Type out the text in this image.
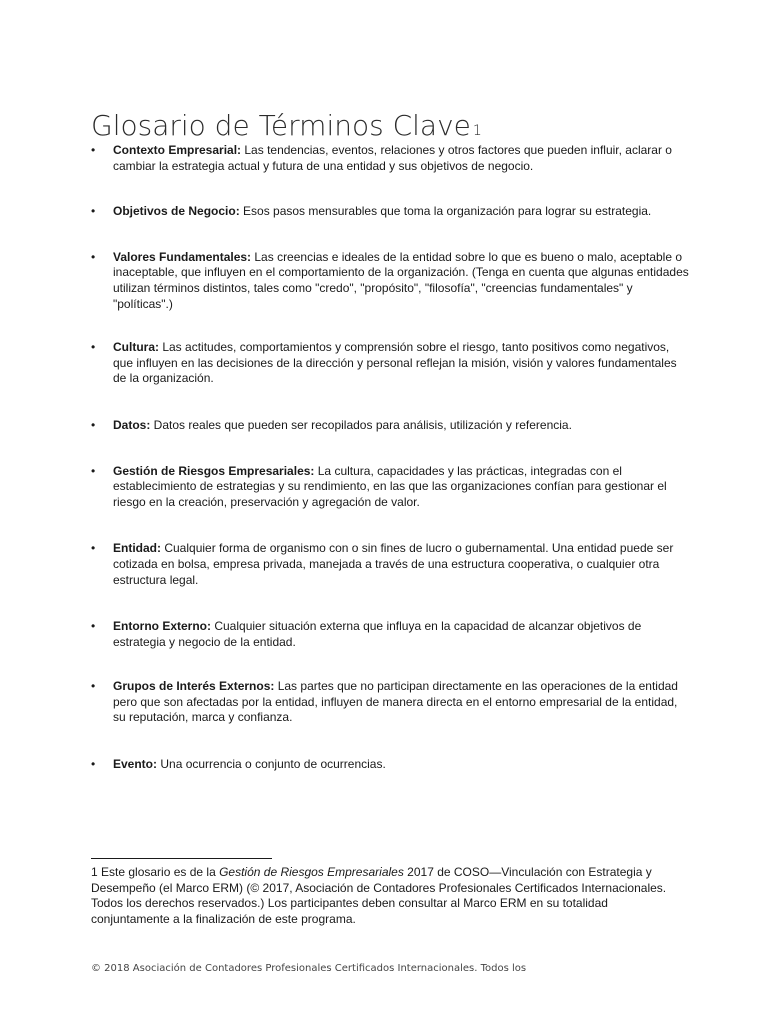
Glosario de Términos Clave 1
• Contexto Empresarial: Las tendencias, eventos, relaciones y otros factores que pueden influir, aclarar o cambiar la estrategia actual y futura de una entidad y sus objetivos de negocio.
• Objetivos de Negocio: Esos pasos mensurables que toma la organización para lograr su estrategia.
• Valores Fundamentales: Las creencias e ideales de la entidad sobre lo que es bueno o malo, aceptable o inaceptable, que influyen en el comportamiento de la organización. (Tenga en cuenta que algunas entidades utilizan términos distintos, tales como "credo", "propósito", "filosofía", "creencias fundamentales" y "políticas".)
• Cultura: Las actitudes, comportamientos y comprensión sobre el riesgo, tanto positivos como negativos, que influyen en las decisiones de la dirección y personal reflejan la misión, visión y valores fundamentales de la organización.
• Datos: Datos reales que pueden ser recopilados para análisis, utilización y referencia.
• Gestión de Riesgos Empresariales: La cultura, capacidades y las prácticas, integradas con el establecimiento de estrategias y su rendimiento, en las que las organizaciones confían para gestionar el riesgo en la creación, preservación y agregación de valor.
• Entidad: Cualquier forma de organismo con o sin fines de lucro o gubernamental. Una entidad puede ser cotizada en bolsa, empresa privada, manejada a través de una estructura cooperativa, o cualquier otra estructura legal.
• Entorno Externo: Cualquier situación externa que influya en la capacidad de alcanzar objetivos de estrategia y negocio de la entidad.
• Grupos de Interés Externos: Las partes que no participan directamente en las operaciones de la entidad pero que son afectadas por la entidad, influyen de manera directa en el entorno empresarial de la entidad, su reputación, marca y confianza.
• Evento: Una ocurrencia o conjunto de ocurrencias.
1 Este glosario es de la Gestión de Riesgos Empresariales 2017 de COSO—Vinculación con Estrategia y Desempeño (el Marco ERM) (© 2017, Asociación de Contadores Profesionales Certificados Internacionales. Todos los derechos reservados.) Los participantes deben consultar al Marco ERM en su totalidad conjuntamente a la finalización de este programa.
© 2018 Asociación de Contadores Profesionales Certificados Internacionales. Todos los
